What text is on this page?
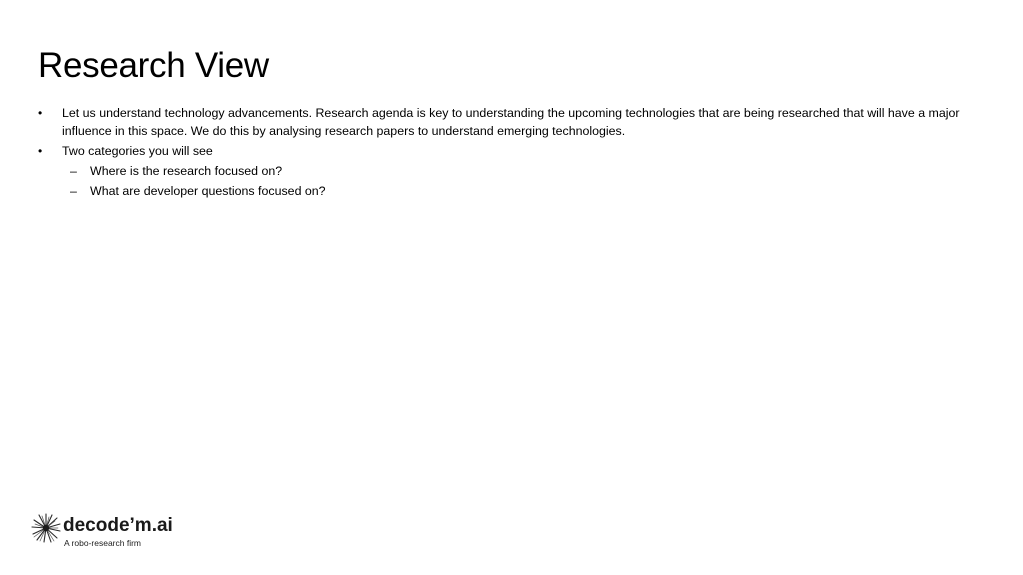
Research View
• Let us understand technology advancements. Research agenda is key to understanding the upcoming technologies that are being researched that will have a major influence in this space. We do this by analysing research papers to understand emerging technologies.
• Two categories you will see
– Where is the research focused on?
– What are developer questions focused on?
decode’m.ai
A robo-research firm
